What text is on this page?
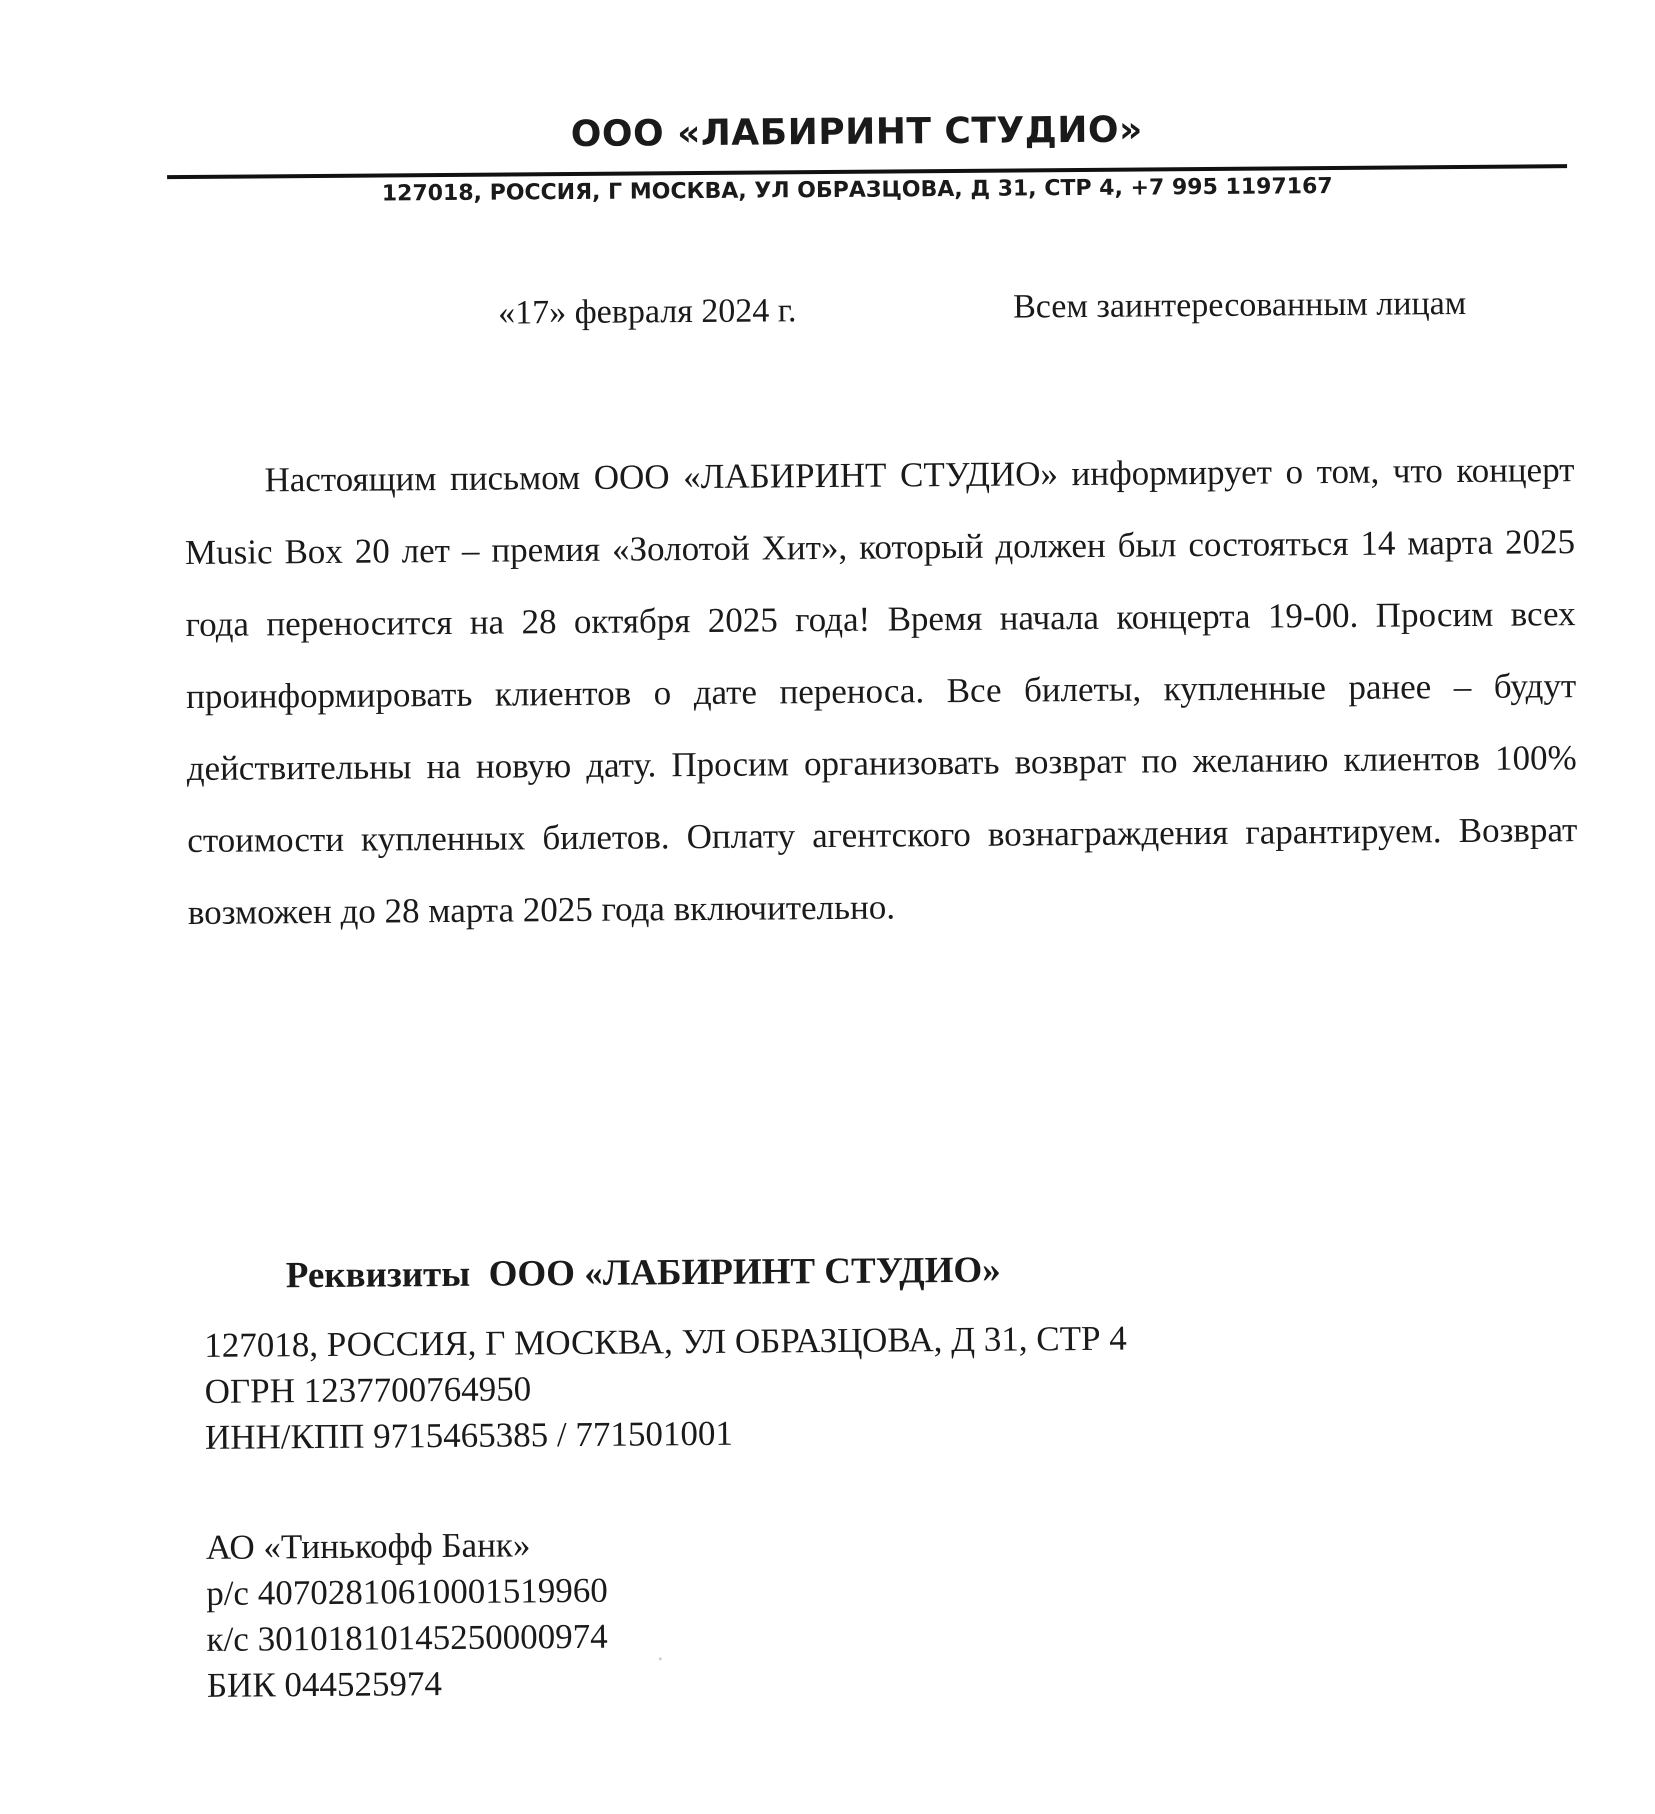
ООО «ЛАБИРИНТ СТУДИО»
127018, РОССИЯ, Г МОСКВА, УЛ ОБРАЗЦОВА, Д 31, СТР 4, +7 995 1197167
«17» февраля 2024 г.	Всем заинтересованным лицам

Настоящим письмом ООО «ЛАБИРИНТ СТУДИО» информирует о том, что концерт Music Box 20 лет – премия «Золотой Хит», который должен был состояться 14 марта 2025 года переносится на 28 октября 2025 года! Время начала концерта 19-00. Просим всех проинформировать клиентов о дате переноса. Все билеты, купленные ранее – будут действительны на новую дату. Просим организовать возврат по желанию клиентов 100% стоимости купленных билетов. Оплату агентского вознаграждения гарантируем. Возврат возможен до 28 марта 2025 года включительно.

Реквизиты  ООО «ЛАБИРИНТ СТУДИО»
127018, РОССИЯ, Г МОСКВА, УЛ ОБРАЗЦОВА, Д 31, СТР 4
ОГРН 1237700764950
ИНН/КПП 9715465385 / 771501001
АО «Тинькофф Банк»
р/с 40702810610001519960
к/с 30101810145250000974
БИК 044525974
